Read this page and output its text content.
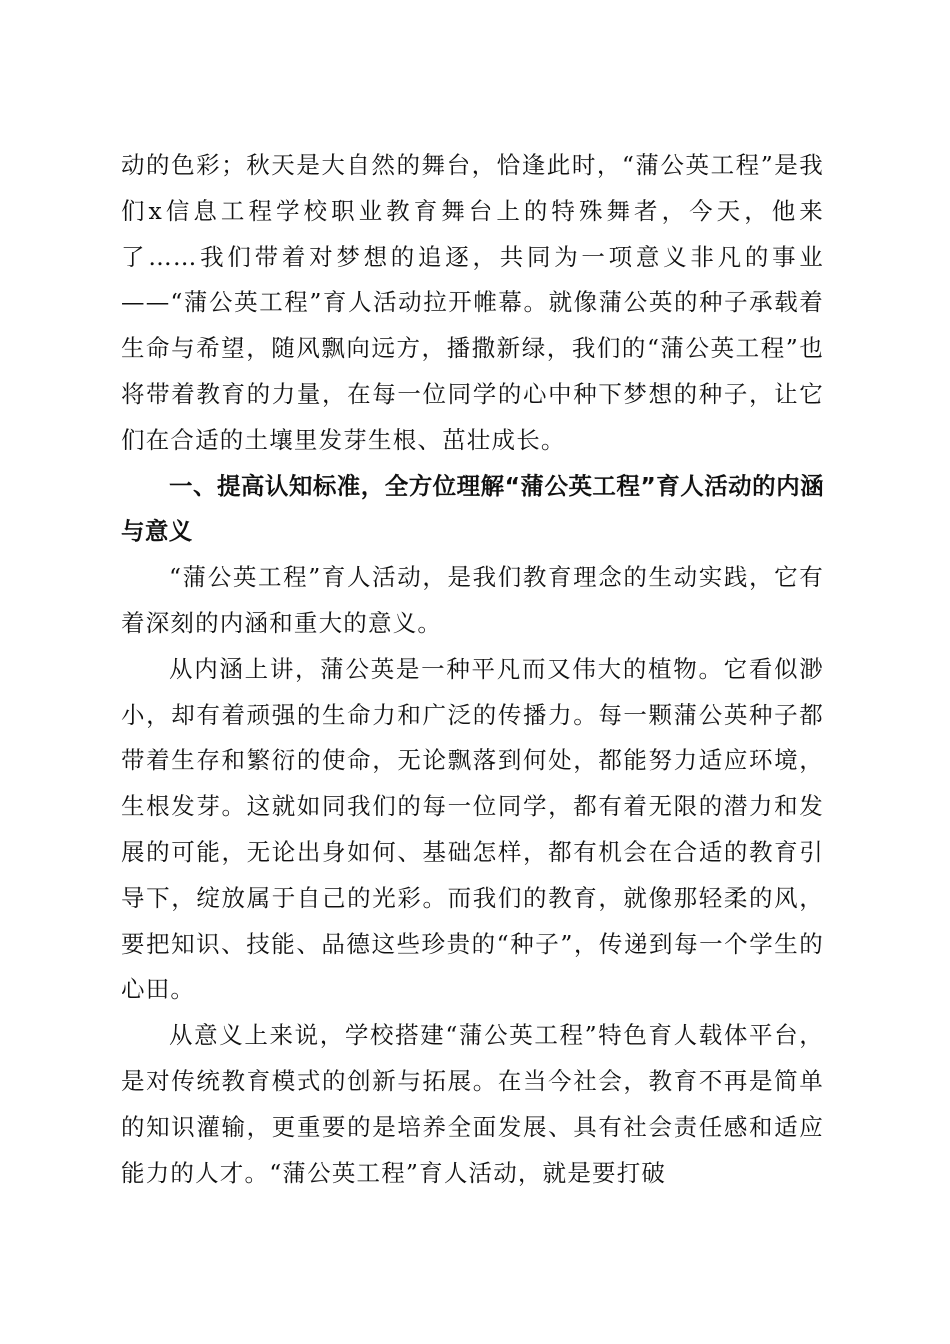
动的色彩；秋天是大自然的舞台，恰逢此时，“蒲公英工程”是我们x信息工程学校职业教育舞台上的特殊舞者，今天，他来了……我们带着对梦想的追逐，共同为一项意义非凡的事业——“蒲公英工程”育人活动拉开帷幕。就像蒲公英的种子承载着生命与希望，随风飘向远方，播撒新绿，我们的“蒲公英工程”也将带着教育的力量，在每一位同学的心中种下梦想的种子，让它们在合适的土壤里发芽生根、茁壮成长。

一、提高认知标准，全方位理解“蒲公英工程”育人活动的内涵与意义

“蒲公英工程”育人活动，是我们教育理念的生动实践，它有着深刻的内涵和重大的意义。

从内涵上讲，蒲公英是一种平凡而又伟大的植物。它看似渺小，却有着顽强的生命力和广泛的传播力。每一颗蒲公英种子都带着生存和繁衍的使命，无论飘落到何处，都能努力适应环境，生根发芽。这就如同我们的每一位同学，都有着无限的潜力和发展的可能，无论出身如何、基础怎样，都有机会在合适的教育引导下，绽放属于自己的光彩。而我们的教育，就像那轻柔的风，要把知识、技能、品德这些珍贵的“种子”，传递到每一个学生的心田。

从意义上来说，学校搭建“蒲公英工程”特色育人载体平台，是对传统教育模式的创新与拓展。在当今社会，教育不再是简单的知识灌输，更重要的是培养全面发展、具有社会责任感和适应能力的人才。“蒲公英工程”育人活动，就是要打破
